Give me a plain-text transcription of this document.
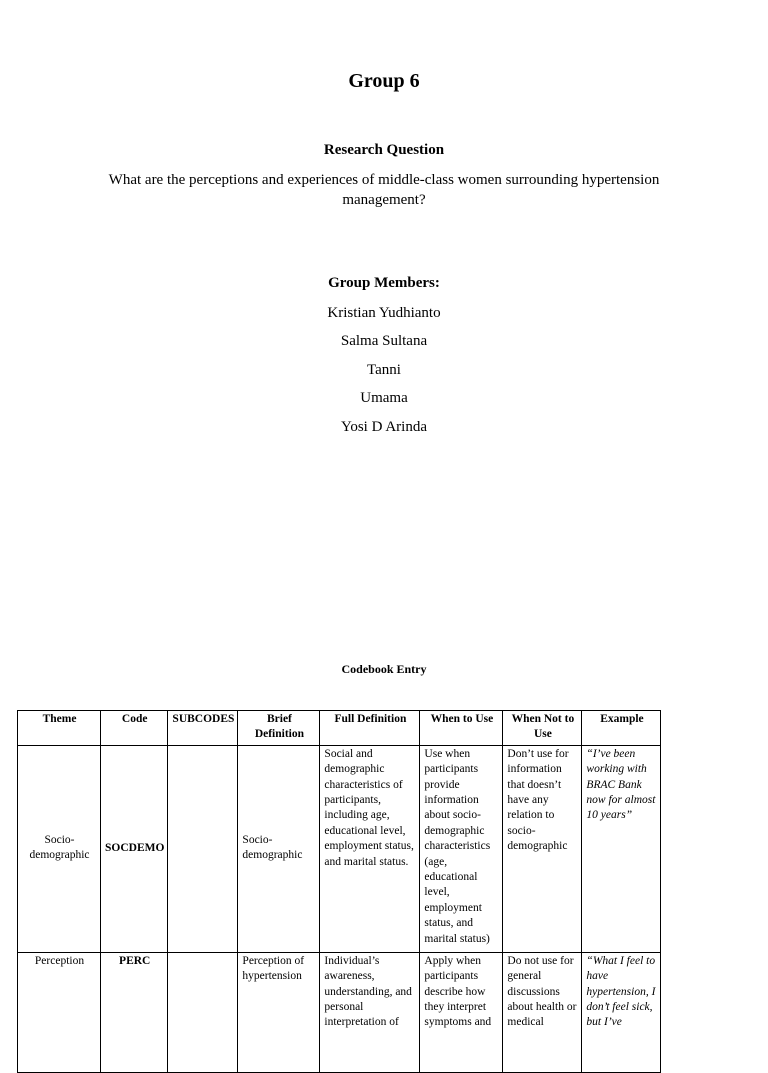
Group 6
Research Question
What are the perceptions and experiences of middle-class women surrounding hypertension management?
Group Members:
Kristian Yudhianto
Salma Sultana
Tanni
Umama
Yosi D Arinda
Codebook Entry
Theme	Code	SUBCODES	Brief Definition	Full Definition	When to Use	When Not to Use	Example
Socio-demographic	SOCDEMO		Socio-demographic	Social and demographic characteristics of participants, including age, educational level, employment status, and marital status.	Use when participants provide information about socio-demographic characteristics (age, educational level, employment status, and marital status)	Don’t use for information that doesn’t have any relation to socio-demographic	“I’ve been working with BRAC Bank now for almost 10 years”
Perception	PERC		Perception of hypertension	Individual’s awareness, understanding, and personal interpretation of	Apply when participants describe how they interpret symptoms and	Do not use for general discussions about health or medical	“What I feel to have hypertension, I don’t feel sick, but I’ve
